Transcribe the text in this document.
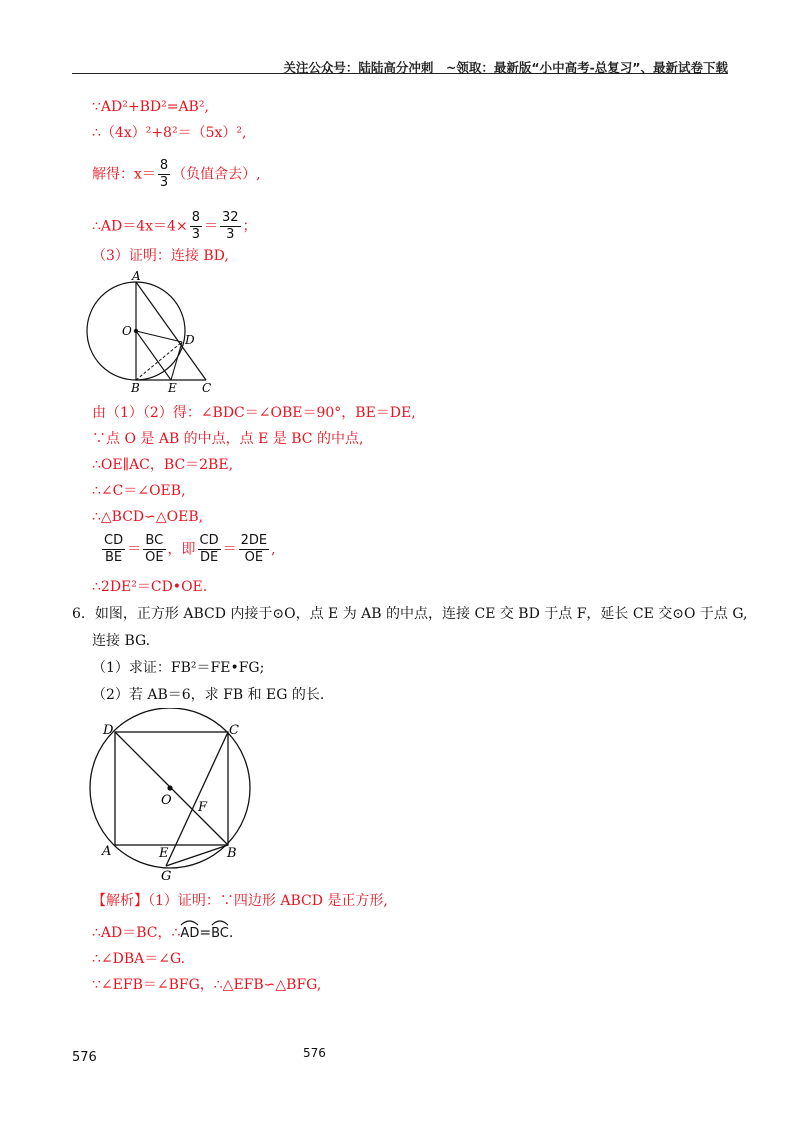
关注公众号：陆陆高分冲刺　~领取：最新版“小中高考-总复习”、最新试卷下载
∵AD²+BD²=AB²,
∴（4x）²+8²＝（5x）²,
解得：$x= \frac{8}{3}$ （负值舍去）,
∴AD＝4x＝4× $\frac{8}{3} = \frac{32}{3}$ ；
（3）证明：连接 BD,
A
O
D
B E C
由（1）（2）得：∠BDC＝∠OBE＝90°，BE＝DE,
∵点 O 是 AB 的中点，点 E 是 BC 的中点,
∴OE∥AC，BC＝2BE,
∴∠C＝∠OEB,
∴△BCD∽△OEB,
$\frac{CD}{BE} = \frac{BC}{OE}$ ，即 $\frac{CD}{DE} = \frac{2DE}{OE}$ ,
∴2DE²＝CD•OE.
6．如图，正方形 ABCD 内接于⊙O，点 E 为 AB 的中点，连接 CE 交 BD 于点 F，延长 CE 交⊙O 于点 G,
连接 BG.
（1）求证：FB²＝FE•FG;
（2）若 AB＝6，求 FB 和 EG 的长.
D	C
O F
A	E	B
G
【解析】（1）证明：∵四边形 ABCD 是正方形,
∴AD＝BC，∴
AD=
BC.
∴∠DBA＝∠G.
∵∠EFB＝∠BFG，∴△EFB∽△BFG,
576	576
